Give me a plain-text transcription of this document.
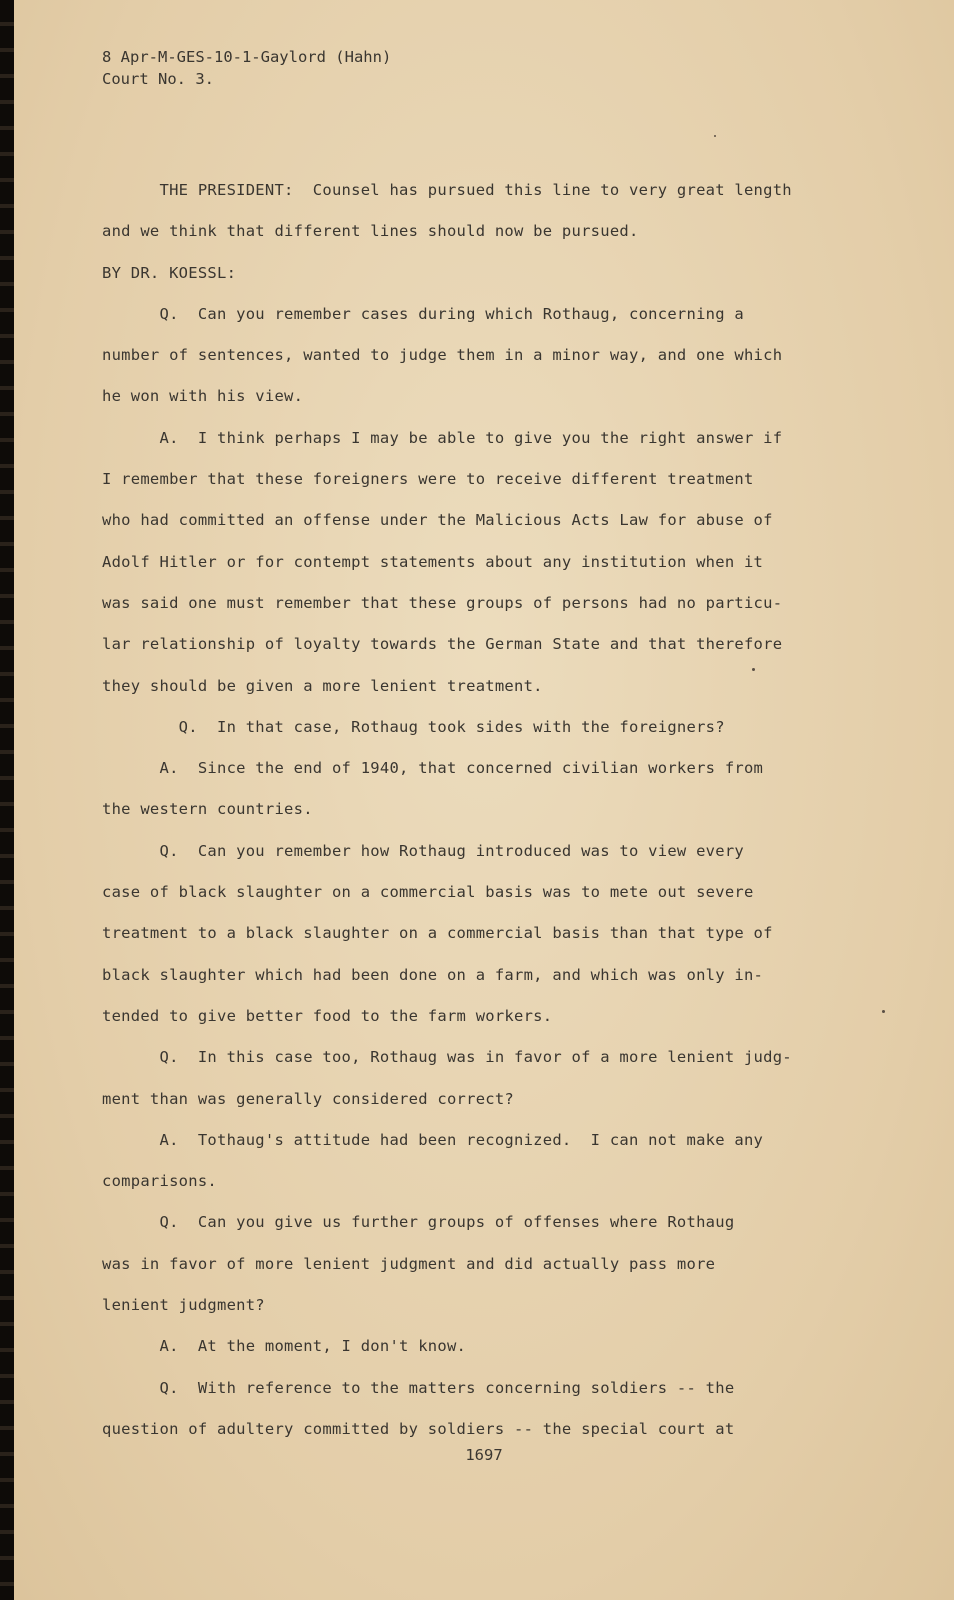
8 Apr-M-GES-10-1-Gaylord (Hahn)
Court No. 3.
THE PRESIDENT:  Counsel has pursued this line to very great length
and we think that different lines should now be pursued.
BY DR. KOESSL:
Q.  Can you remember cases during which Rothaug, concerning a
number of sentences, wanted to judge them in a minor way, and one which
he won with his view.
A.  I think perhaps I may be able to give you the right answer if
I remember that these foreigners were to receive different treatment
who had committed an offense under the Malicious Acts Law for abuse of
Adolf Hitler or for contempt statements about any institution when it
was said one must remember that these groups of persons had no particu-
lar relationship of loyalty towards the German State and that therefore
they should be given a more lenient treatment.
Q.  In that case, Rothaug took sides with the foreigners?
A.  Since the end of 1940, that concerned civilian workers from
the western countries.
Q.  Can you remember how Rothaug introduced was to view every
case of black slaughter on a commercial basis was to mete out severe
treatment to a black slaughter on a commercial basis than that type of
black slaughter which had been done on a farm, and which was only in-
tended to give better food to the farm workers.
Q.  In this case too, Rothaug was in favor of a more lenient judg-
ment than was generally considered correct?
A.  Tothaug's attitude had been recognized.  I can not make any
comparisons.
Q.  Can you give us further groups of offenses where Rothaug
was in favor of more lenient judgment and did actually pass more
lenient judgment?
A.  At the moment, I don't know.
Q.  With reference to the matters concerning soldiers -- the
question of adultery committed by soldiers -- the special court at
1697
